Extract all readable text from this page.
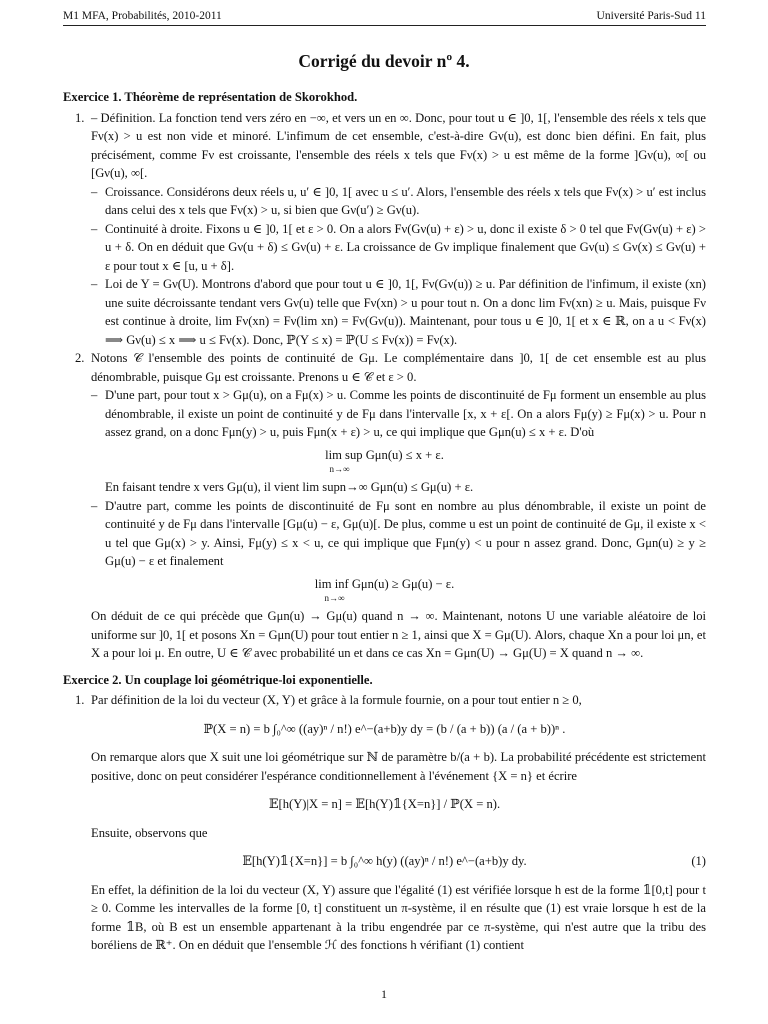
M1 MFA, Probabilités, 2010-2011	Université Paris-Sud 11
Corrigé du devoir nº 4.
Exercice 1. Théorème de représentation de Skorokhod.
1. – Définition. La fonction tend vers zéro en −∞, et vers un en ∞. Donc, pour tout u ∈ ]0, 1[, l'ensemble des réels x tels que Fν(x) > u est non vide et minoré. L'infimum de cet ensemble, c'est-à-dire Gν(u), est donc bien défini. En fait, plus précisément, comme Fν est croissante, l'ensemble des réels x tels que Fν(x) > u est même de la forme ]Gν(u), ∞[ ou [Gν(u), ∞[.
– Croissance. Considérons deux réels u, u′ ∈ ]0, 1[ avec u ≤ u′. Alors, l'ensemble des réels x tels que Fν(x) > u′ est inclus dans celui des x tels que Fν(x) > u, si bien que Gν(u′) ≥ Gν(u).
– Continuité à droite. Fixons u ∈ ]0, 1[ et ε > 0. On a alors Fν(Gν(u) + ε) > u, donc il existe δ > 0 tel que Fν(Gν(u) + ε) > u + δ. On en déduit que Gν(u + δ) ≤ Gν(u) + ε. La croissance de Gν implique finalement que Gν(u) ≤ Gν(x) ≤ Gν(u) + ε pour tout x ∈ [u, u + δ].
– Loi de Y = Gν(U). Montrons d'abord que pour tout u ∈ ]0, 1[, Fν(Gν(u)) ≥ u. Par définition de l'infimum, il existe (xn) une suite décroissante tendant vers Gν(u) telle que Fν(xn) > u pour tout n. On a donc lim Fν(xn) ≥ u. Mais, puisque Fν est continue à droite, lim Fν(xn) = Fν(lim xn) = Fν(Gν(u)). Maintenant, pour tous u ∈ ]0, 1[ et x ∈ ℝ, on a u < Fν(x) ⟹ Gν(u) ≤ x ⟹ u ≤ Fν(x). Donc, ℙ(Y ≤ x) = ℙ(U ≤ Fν(x)) = Fν(x).
2. Notons 𝒞 l'ensemble des points de continuité de Gμ. Le complémentaire dans ]0, 1[ de cet ensemble est au plus dénombrable, puisque Gμ est croissante. Prenons u ∈ 𝒞 et ε > 0.
– D'une part, pour tout x > Gμ(u), on a Fμ(x) > u. Comme les points de discontinuité de Fμ forment un ensemble au plus dénombrable, il existe un point de continuité y de Fμ dans l'intervalle [x, x + ε[. On a alors Fμ(y) ≥ Fμ(x) > u. Pour n assez grand, on a donc Fμn(y) > u, puis Fμn(x + ε) > u, ce qui implique que Gμn(u) ≤ x + ε. D'où
lim sup Gμn(u) ≤ x + ε.
n→∞
En faisant tendre x vers Gμ(u), il vient lim supn→∞ Gμn(u) ≤ Gμ(u) + ε.
– D'autre part, comme les points de discontinuité de Fμ sont en nombre au plus dénombrable, il existe un point de continuité y de Fμ dans l'intervalle [Gμ(u) − ε, Gμ(u)[. De plus, comme u est un point de continuité de Gμ, il existe x < u tel que Gμ(x) > y. Ainsi, Fμ(y) ≤ x < u, ce qui implique que Fμn(y) < u pour n assez grand. Donc, Gμn(u) ≥ y ≥ Gμ(u) − ε et finalement
lim inf Gμn(u) ≥ Gμ(u) − ε.
n→∞
On déduit de ce qui précède que Gμn(u) → Gμ(u) quand n → ∞. Maintenant, notons U une variable aléatoire de loi uniforme sur ]0, 1[ et posons Xn = Gμn(U) pour tout entier n ≥ 1, ainsi que X = Gμ(U). Alors, chaque Xn a pour loi μn, et X a pour loi μ. En outre, U ∈ 𝒞 avec probabilité un et dans ce cas Xn = Gμn(U) → Gμ(U) = X quand n → ∞.
Exercice 2. Un couplage loi géométrique-loi exponentielle.
1. Par définition de la loi du vecteur (X, Y) et grâce à la formule fournie, on a pour tout entier n ≥ 0,
ℙ(X = n) = b ∫₀^∞ ((ay)ⁿ / n!) e^−(a+b)y dy = (b / (a + b)) (a / (a + b))ⁿ .
On remarque alors que X suit une loi géométrique sur ℕ de paramètre b/(a + b). La probabilité précédente est strictement positive, donc on peut considérer l'espérance conditionnellement à l'événement {X = n} et écrire
𝔼[h(Y)|X = n] = 𝔼[h(Y)𝟙{X=n}] / ℙ(X = n).
Ensuite, observons que
𝔼[h(Y)𝟙{X=n}] = b ∫₀^∞ h(y) ((ay)ⁿ / n!) e^−(a+b)y dy.	(1)
En effet, la définition de la loi du vecteur (X, Y) assure que l'égalité (1) est vérifiée lorsque h est de la forme 𝟙[0,t] pour t ≥ 0. Comme les intervalles de la forme [0, t] constituent un π-système, il en résulte que (1) est vraie lorsque h est de la forme 𝟙B, où B est un ensemble appartenant à la tribu engendrée par ce π-système, qui n'est autre que la tribu des boréliens de ℝ⁺. On en déduit que l'ensemble ℋ des fonctions h vérifiant (1) contient
1
